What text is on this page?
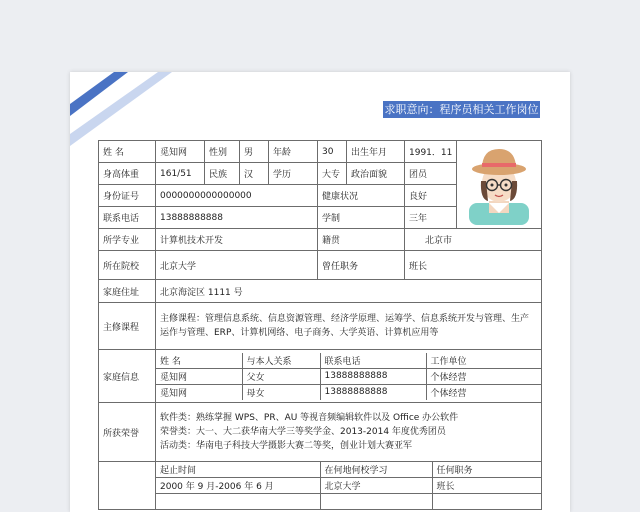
求职意向：程序员相关工作岗位
姓 名	觅知网	性别	男	年龄	30	出生年月	1991．11	
身高体重	161/51	民族	汉	学历	大专	政治面貌	团员
身份证号	0000000000000000	健康状况	良好
联系电话	13888888888	学制	三年
所学专业	计算机技术开发	籍贯	北京市
所在院校	北京大学	曾任职务	班长
家庭住址	北京海淀区 1111 号
主修课程	主修课程：管理信息系统、信息资源管理、经济学原理、运筹学、信息系统开发与管理、生产运作与管理、ERP、计算机网络、电子商务、大学英语、计算机应用等
家庭信息	
姓 名	与本人关系	联系电话	工作单位
觅知网	父女	13888888888	个体经营
觅知网	母女	13888888888	个体经营

所获荣誉	
软件类：熟练掌握 WPS、PR、AU 等视音频编辑软件以及 Office 办公软件
荣誉类：大一、大二获华南大学三等奖学金、2013-2014 年度优秀团员
活动类：华南电子科技大学摄影大赛二等奖，创业计划大赛亚军

起止时间	在何地何校学习	任何职务
2000 年 9 月-2006 年 6 月	北京大学	班长
